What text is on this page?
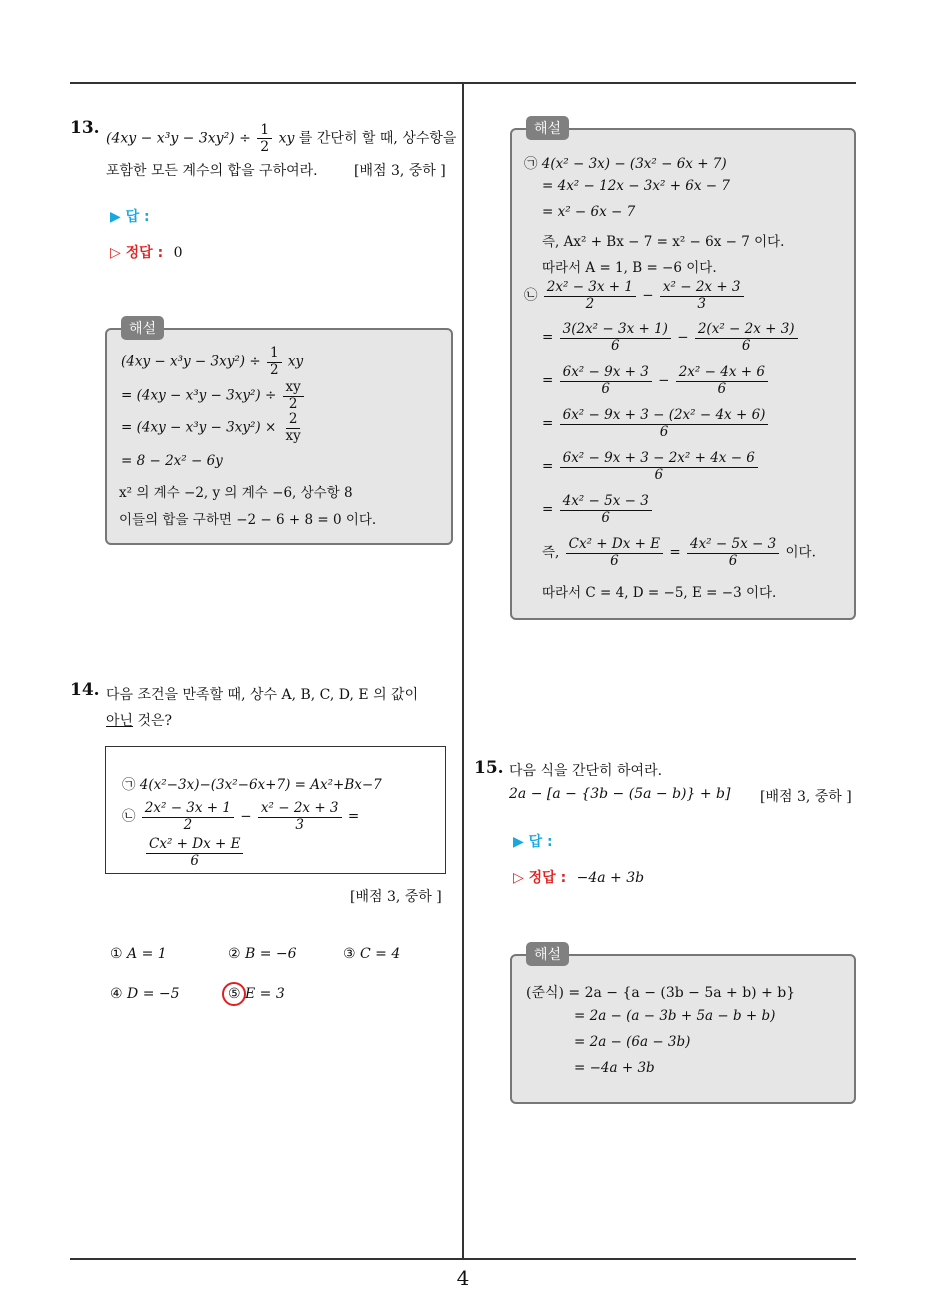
4
13.
$(4xy - x^3y - 3xy^2) \div \frac{1}{2}$ xy 를 간단히 할 때, 상수항을
포함한 모든 계수의 합을 구하여라.	[배점 3, 중하 ]
▶ 답 :
▷ 정답 : 0
해설
$(4xy - x^3y - 3xy^2) \div \frac{1}{2}$ xy
= $(4xy - x^3y - 3xy^2) \div \frac{xy}{2}$
= $(4xy - x^3y - 3xy^2) \times \frac{2}{xy}$
= 8 − 2x² − 6y
x² 의 계수 −2, y 의 계수 −6, 상수항 8
이들의 합을 구하면 −2 − 6 + 8 = 0 이다.
14. 다음 조건을 만족할 때, 상수 A, B, C, D, E 의 값이
아닌 것은?
㉠ 4(x²−3x)−(3x²−6x+7) = Ax²+Bx−7
㉡ $\frac{\text{2x² − 3x + 1}}{2} - \frac{\text{x² − 2x + 3}}{3}$ =
$\frac{\text{Cx² + Dx + E}}{6}$
[배점 3, 중하 ]
① A = 1	② B = −6	③ C = 4
④ D = −5	⑤ E = 3
해설
㉠ 4(x² − 3x) − (3x² − 6x + 7)
= 4x² − 12x − 3x² + 6x − 7
= x² − 6x − 7
즉, Ax² + Bx − 7 = x² − 6x − 7 이다.
따라서 A = 1, B = −6 이다.
㉡ $\frac{\text{2x² − 3x + 1}}{2} - \frac{\text{x² − 2x + 3}}{3}$
= $\frac{\text{3(2x² − 3x + 1)}}{6} - \frac{\text{2(x² − 2x + 3)}}{6}$
= $\frac{\text{6x² − 9x + 3}}{6} - \frac{\text{2x² − 4x + 6}}{6}$
= $\frac{\text{6x² − 9x + 3 − (2x² − 4x + 6)}}{6}$
= $\frac{\text{6x² − 9x + 3 − 2x² + 4x − 6}}{6}$
= $\frac{\text{4x² − 5x − 3}}{6}$
즉, $\frac{\text{Cx² + Dx + E}}{6} = \frac{\text{4x² − 5x − 3}}{6}$ 이다.
따라서 C = 4, D = −5, E = −3 이다.
15. 다음 식을 간단히 하여라.
2a − [a − {3b − (5a − b)} + b] [배점 3, 중하 ]
▶ 답 :
▷ 정답 : −4a + 3b
해설
(준식) = 2a − {a − (3b − 5a + b) + b}
= 2a − (a − 3b + 5a − b + b)
= 2a − (6a − 3b)
= −4a + 3b
